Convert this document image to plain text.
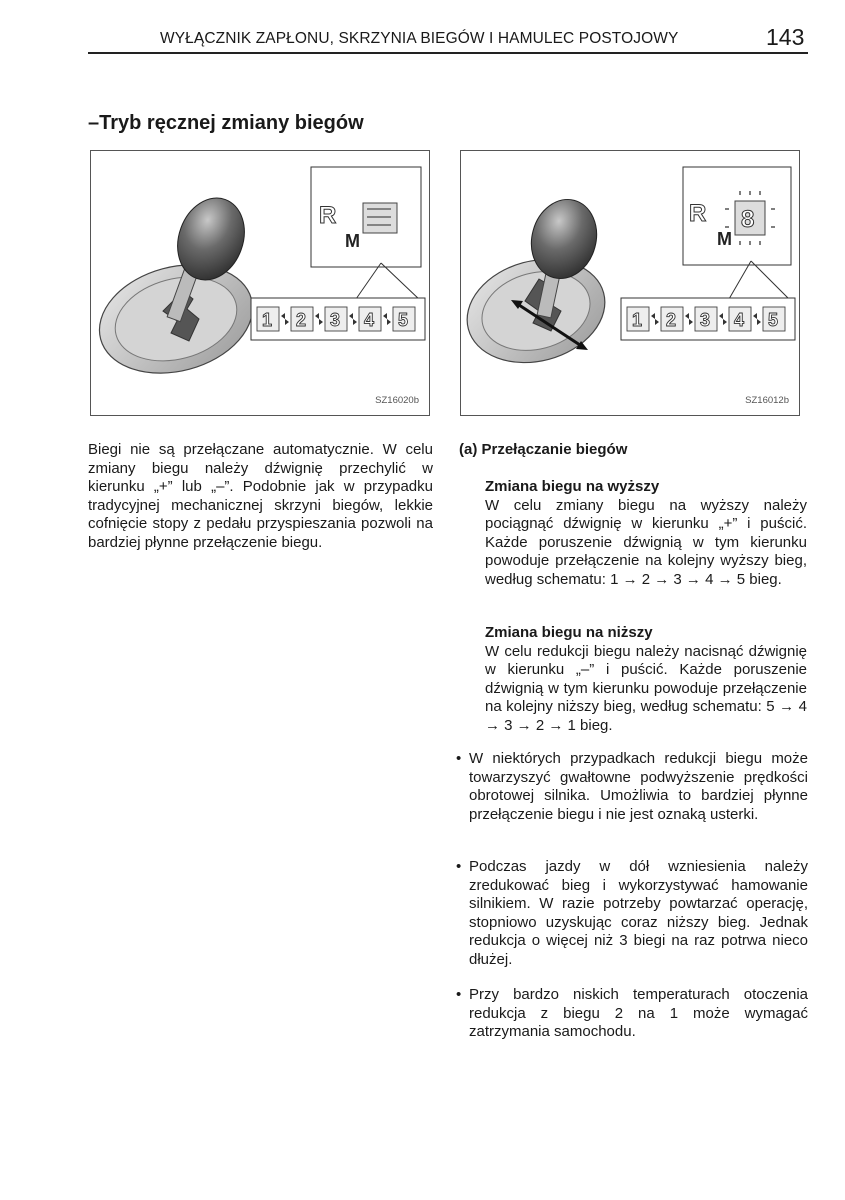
WYŁĄCZNIK ZAPŁONU, SKRZYNIA BIEGÓW I HAMULEC POSTOJOWY	143
–Tryb ręcznej zmiany biegów
R
M
1 2 3 4 5
SZ16020b
R
M
8
1 2 3 4 5
SZ16012b
Biegi nie są przełączane automatycznie. W celu zmiany biegu należy dźwignię przechylić w kierunku „+” lub „–”. Podobnie jak w przypadku tradycyjnej mechanicznej skrzyni biegów, lekkie cofnięcie stopy z pedału przyspieszania pozwoli na bardziej płynne przełączenie biegu.
(a) Przełączanie biegów
Zmiana biegu na wyższy
W celu zmiany biegu na wyższy należy pociągnąć dźwignię w kierunku „+” i puścić. Każde poruszenie dźwignią w tym kierunku powoduje przełączenie na kolejny wyższy bieg, według schematu: 1 → 2 → 3 → 4 → 5 bieg.
Zmiana biegu na niższy
W celu redukcji biegu należy nacisnąć dźwignię w kierunku „–” i puścić. Każde poruszenie dźwignią w tym kierunku powoduje przełączenie na kolejny niższy bieg, według schematu: 5 → 4 → 3 → 2 → 1 bieg.
• W niektórych przypadkach redukcji biegu może towarzyszyć gwałtowne podwyższenie prędkości obrotowej silnika. Umożliwia to bardziej płynne przełączenie biegu i nie jest oznaką usterki.
• Podczas jazdy w dół wzniesienia należy zredukować bieg i wykorzystywać hamowanie silnikiem. W razie potrzeby powtarzać operację, stopniowo uzyskując coraz niższy bieg. Jednak redukcja o więcej niż 3 biegi na raz potrwa nieco dłużej.
• Przy bardzo niskich temperaturach otoczenia redukcja z biegu 2 na 1 może wymagać zatrzymania samochodu.
